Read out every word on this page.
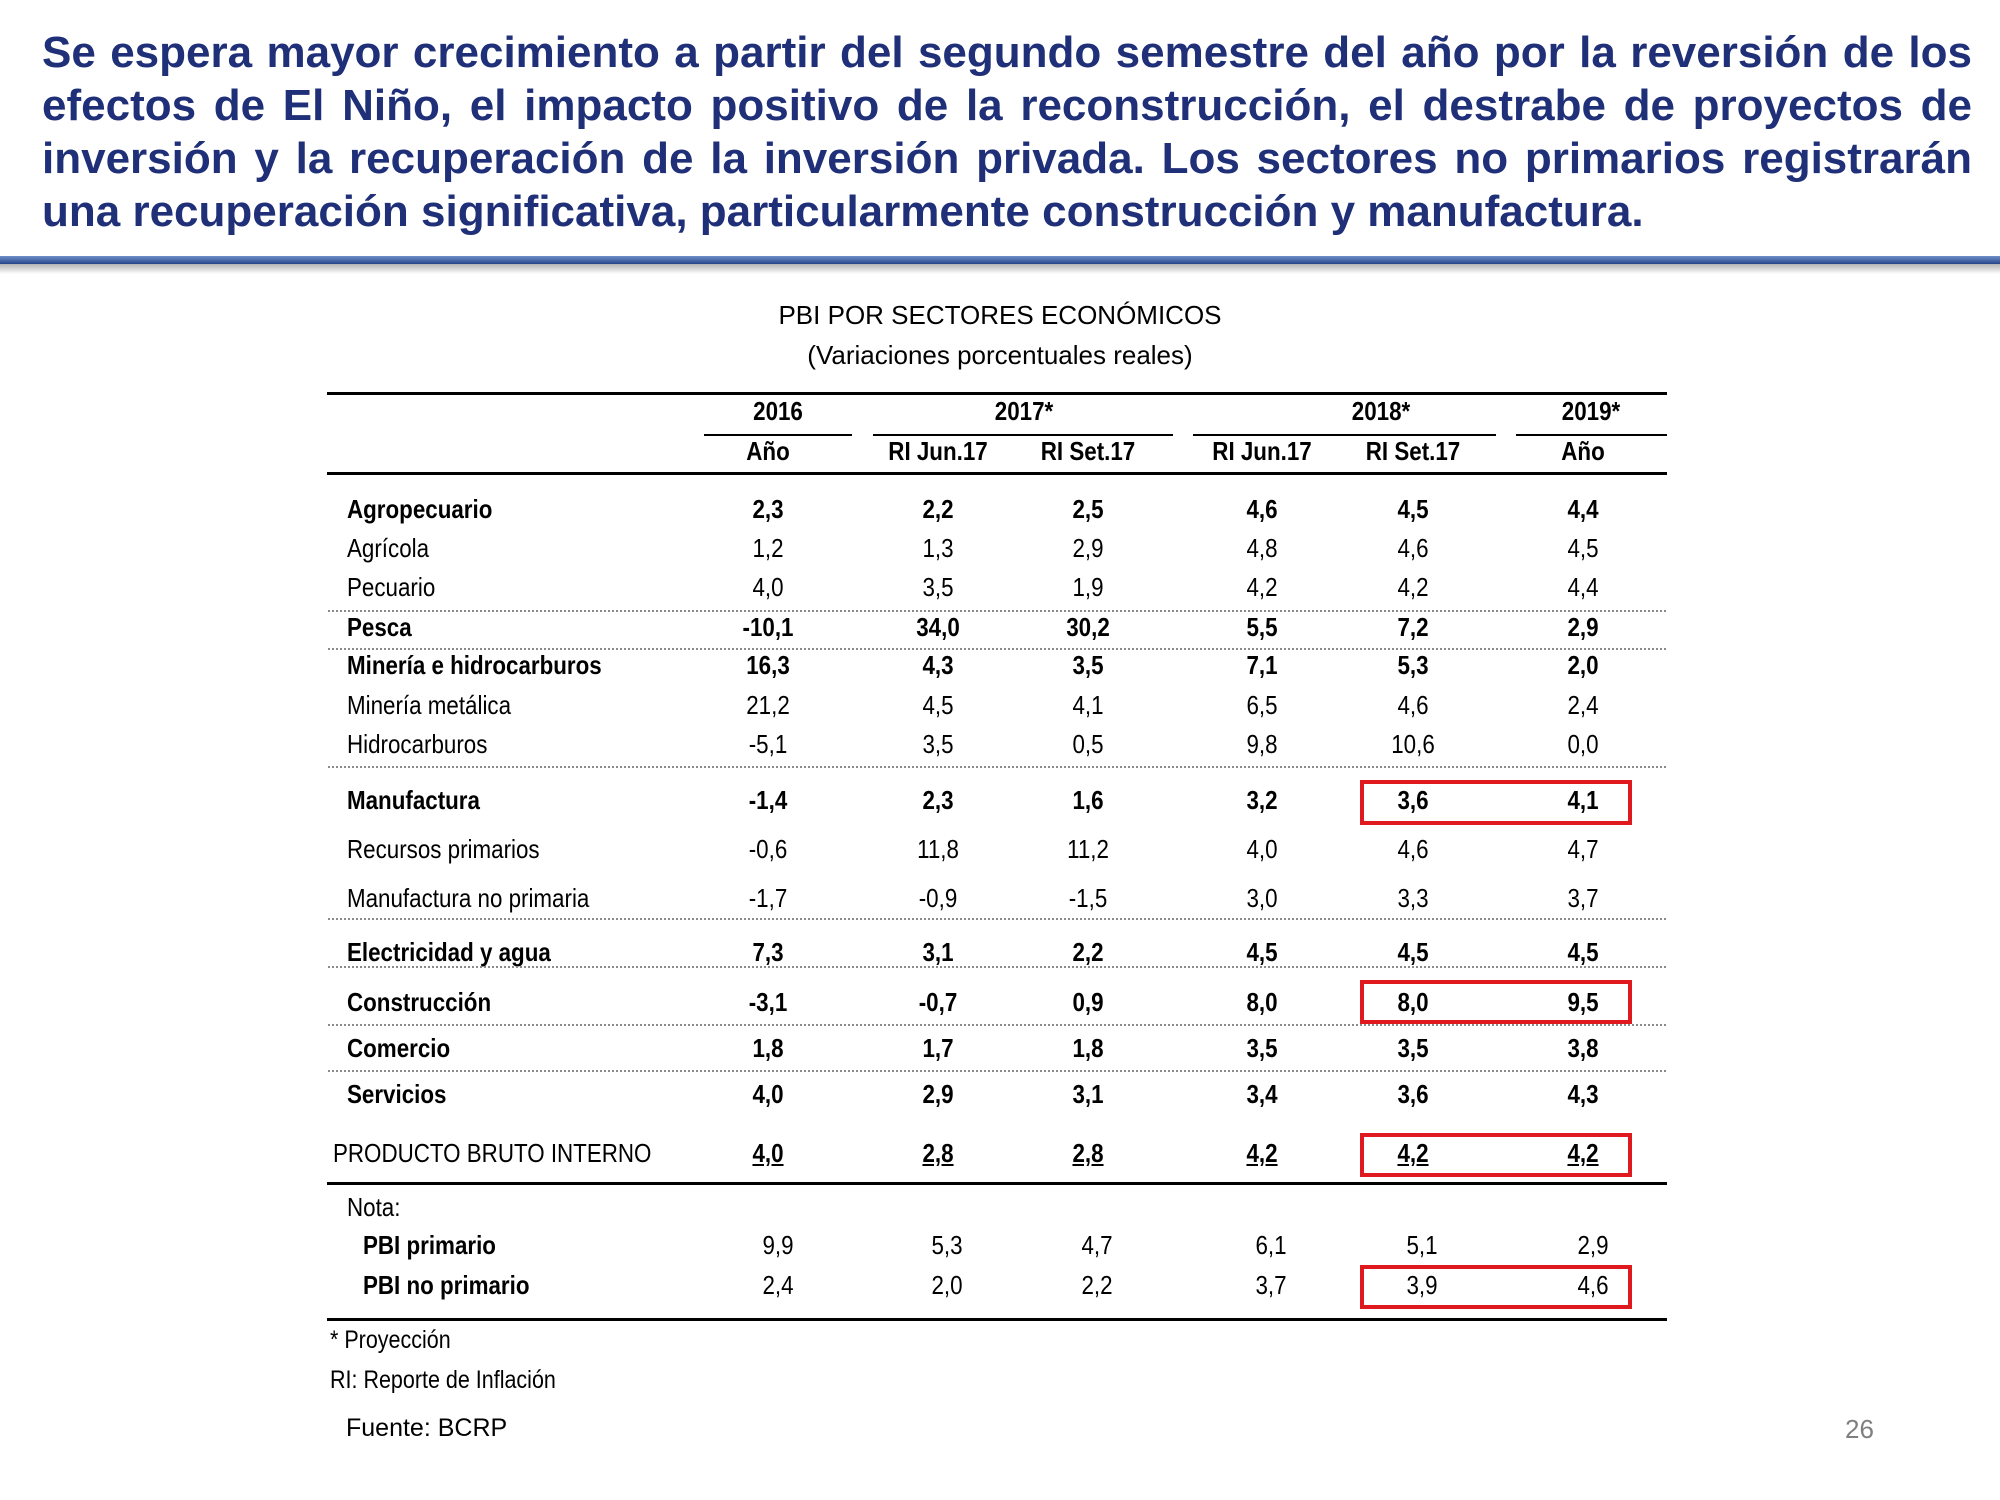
Se espera mayor crecimiento a partir del segundo semestre del año por la reversión de los efectos de El Niño, el impacto positivo de la reconstrucción, el destrabe de proyectos de inversión y la recuperación de la inversión privada. Los sectores no primarios registrarán una recuperación significativa, particularmente construcción y manufactura.

PBI POR SECTORES ECONÓMICOS
(Variaciones porcentuales reales)
2016	2017*	2018*	2019*
Año	RI Jun.17	RI Set.17	RI Jun.17	RI Set.17	Año
Agropecuario	2,3	2,2	2,5	4,6	4,5	4,4
Agrícola	1,2	1,3	2,9	4,8	4,6	4,5
Pecuario	4,0	3,5	1,9	4,2	4,2	4,4
Pesca	-10,1	34,0	30,2	5,5	7,2	2,9
Minería e hidrocarburos	16,3	4,3	3,5	7,1	5,3	2,0
Minería metálica	21,2	4,5	4,1	6,5	4,6	2,4
Hidrocarburos	-5,1	3,5	0,5	9,8	10,6	0,0
Manufactura	-1,4	2,3	1,6	3,2	3,6	4,1
Recursos primarios	-0,6	11,8	11,2	4,0	4,6	4,7
Manufactura no primaria	-1,7	-0,9	-1,5	3,0	3,3	3,7
Electricidad y agua	7,3	3,1	2,2	4,5	4,5	4,5
Construcción	-3,1	-0,7	0,9	8,0	8,0	9,5
Comercio	1,8	1,7	1,8	3,5	3,5	3,8
Servicios	4,0	2,9	3,1	3,4	3,6	4,3
PRODUCTO BRUTO INTERNO	4,0	2,8	2,8	4,2	4,2	4,2
Nota:
PBI primario	9,9	5,3	4,7	6,1	5,1	2,9
PBI no primario	2,4	2,0	2,2	3,7	3,9	4,6
* Proyección
RI: Reporte de Inflación
Fuente: BCRP	26
